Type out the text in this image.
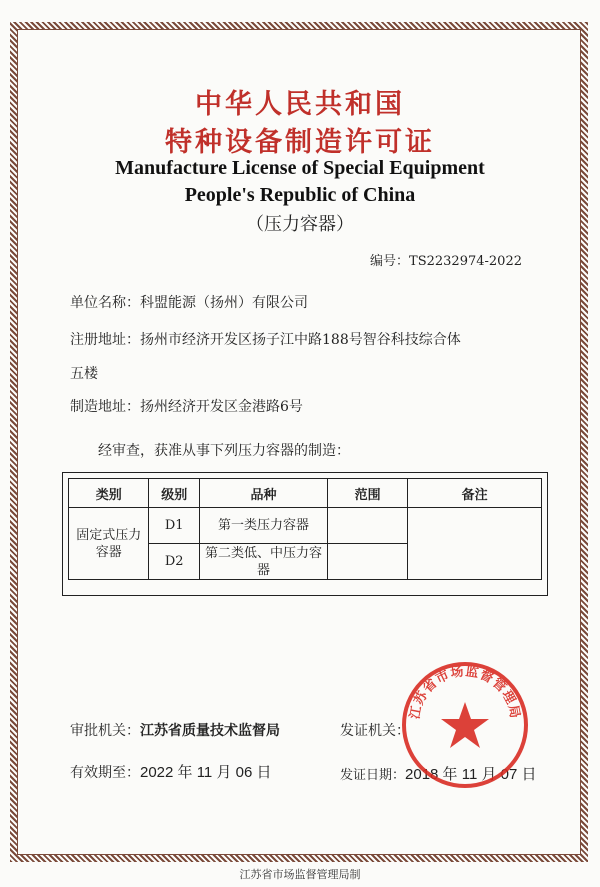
中华人民共和国
特种设备制造许可证
Manufacture License of Special Equipment
People's Republic of China
（压力容器）
编号：TS2232974-2022
单位名称：科盟能源（扬州）有限公司
注册地址：扬州市经济开发区扬子江中路188号智谷科技综合体
五楼
制造地址：扬州经济开发区金港路6号
经审查，获准从事下列压力容器的制造：
类别	级别	品种	范围	备注
固定式压力容器	D1	第一类压力容器		
	D2	第二类低、中压力容器		
审批机关：江苏省质量技术监督局	发证机关：
有效期至：2022 年 11 月 06 日	发证日期：2018 年 11 月 07 日
江苏省市场监督管理局
江苏省市场监督管理局制
